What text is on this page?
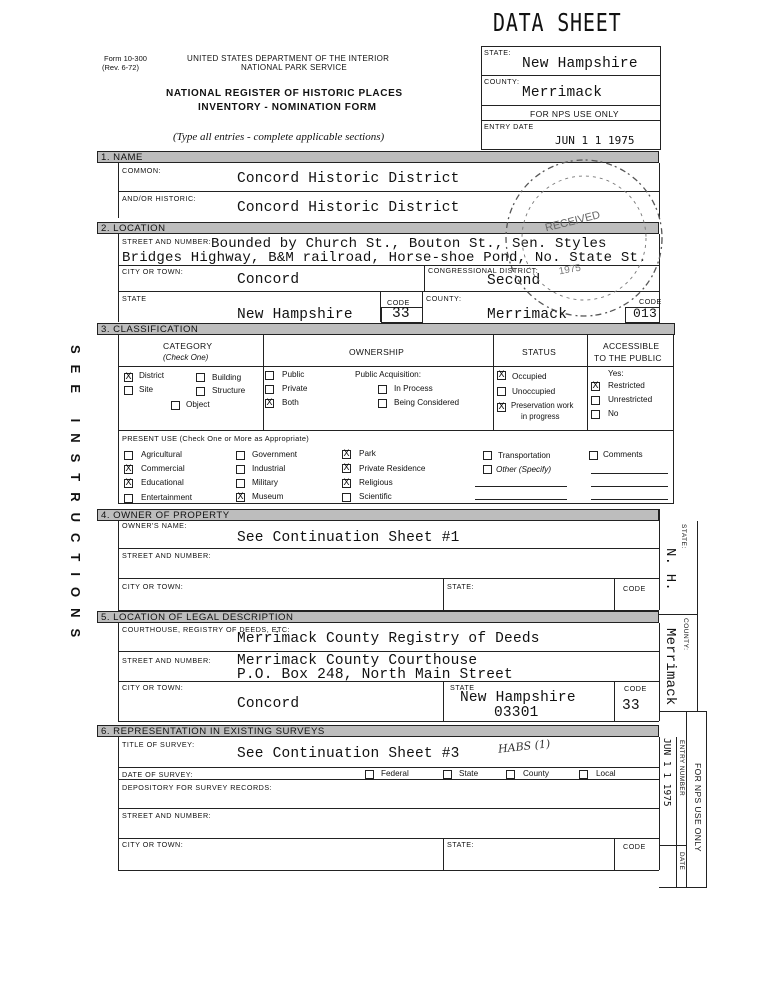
DATA SHEET
Form 10-300
(Rev. 6-72)
UNITED STATES DEPARTMENT OF THE INTERIOR
NATIONAL PARK SERVICE
NATIONAL REGISTER OF HISTORIC PLACES
INVENTORY - NOMINATION FORM
(Type all entries - complete applicable sections)
SEE INSTRUCTIONS
STATE:
New Hampshire
COUNTY:
Merrimack
FOR NPS USE ONLY
ENTRY DATE
JUN 1 1 1975
1. NAME
COMMON:
Concord Historic District
AND/OR HISTORIC:
Concord Historic District
2. LOCATION
STREET AND NUMBER: Bounded by Church St., Bouton St., Sen. Styles
Bridges Highway, B&M railroad, Horse-shoe Pond, No. State St.
CITY OR TOWN:
Concord
CONGRESSIONAL DISTRICT:
Second
STATE
New Hampshire
CODE
33
COUNTY:
Merrimack
CODE
013
3. CLASSIFICATION
CATEGORY
(Check One)
OWNERSHIP	STATUS
ACCESSIBLE
TO THE PUBLIC
X District	Building
Site	Structure
Object
Public
Private
X Both
Public Acquisition:
In Process
Being Considered
X Occupied
Unoccupied
X Preservation work
in progress
Yes:
X Restricted
Unrestricted
No
PRESENT USE (Check One or More as Appropriate)
Agricultural
X Commercial
X Educational
Entertainment
Government
Industrial
Military
X Museum
X Park
X Private Residence
X Religious
Scientific
Transportation
Other (Specify)
Comments
4. OWNER OF PROPERTY
OWNER'S NAME:
See Continuation Sheet #1
STREET AND NUMBER:
CITY OR TOWN:	STATE:	CODE
STATE:
N. H.
COUNTY:
Merrimack
5. LOCATION OF LEGAL DESCRIPTION
COURTHOUSE, REGISTRY OF DEEDS, ETC:
Merrimack County Registry of Deeds
STREET AND NUMBER: Merrimack County Courthouse
P.O. Box 248, North Main Street
CITY OR TOWN:
Concord
STATE
New Hampshire
03301
CODE
33
6. REPRESENTATION IN EXISTING SURVEYS
TITLE OF SURVEY:
See Continuation Sheet #3	HABS (1)
DATE OF SURVEY:	Federal	State	County	Local
DEPOSITORY FOR SURVEY RECORDS:
STREET AND NUMBER:
CITY OR TOWN:	STATE:	CODE	FOR NPS USE ONLY
ENTRY NUMBER
DATE
JUN 1 1 1975
RECEIVED
1975
